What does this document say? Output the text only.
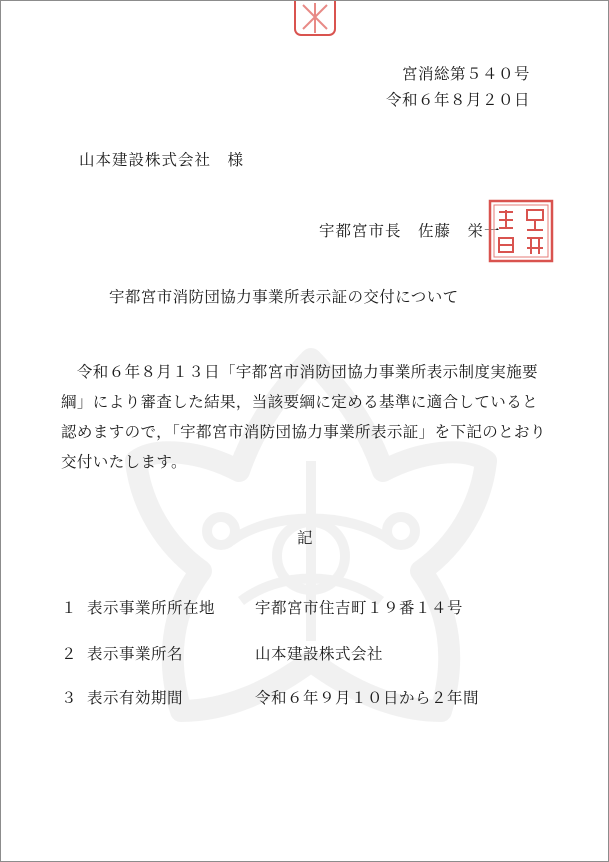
宮消総第５４０号
令和６年８月２０日
山本建設株式会社　様
宇都宮市長　佐藤　栄一
宇都宮市消防団協力事業所表示証の交付について
　令和６年８月１３日「宇都宮市消防団協力事業所表示制度実施要
綱」により審査した結果，当該要綱に定める基準に適合していると
認めますので，「宇都宮市消防団協力事業所表示証」を下記のとおり
交付いたします。
記
１ 表示事業所所在地	宇都宮市住吉町１９番１４号
２ 表示事業所名	山本建設株式会社
３ 表示有効期間	令和６年９月１０日から２年間
